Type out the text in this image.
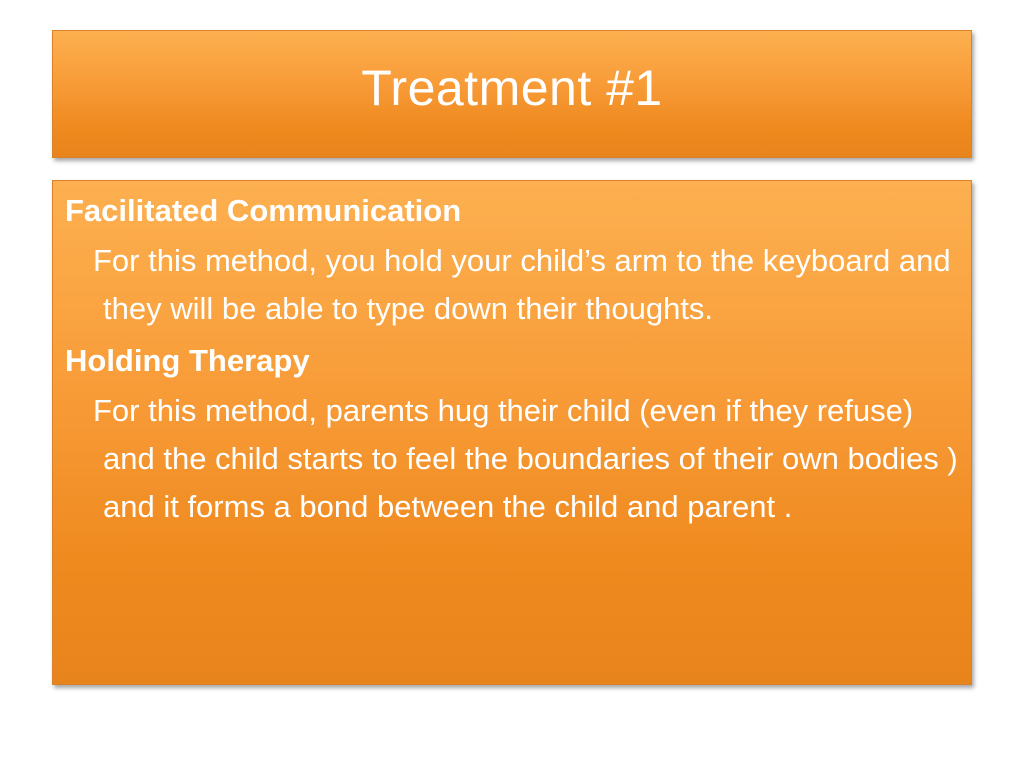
Treatment #1

Facilitated Communication

For this method, you hold your child’s arm to the keyboard and they will be able to type down their thoughts.

Holding Therapy

For this method, parents hug their child (even if they refuse) and the child starts to feel the boundaries of their own bodies ) and it forms a bond between the child and parent .
